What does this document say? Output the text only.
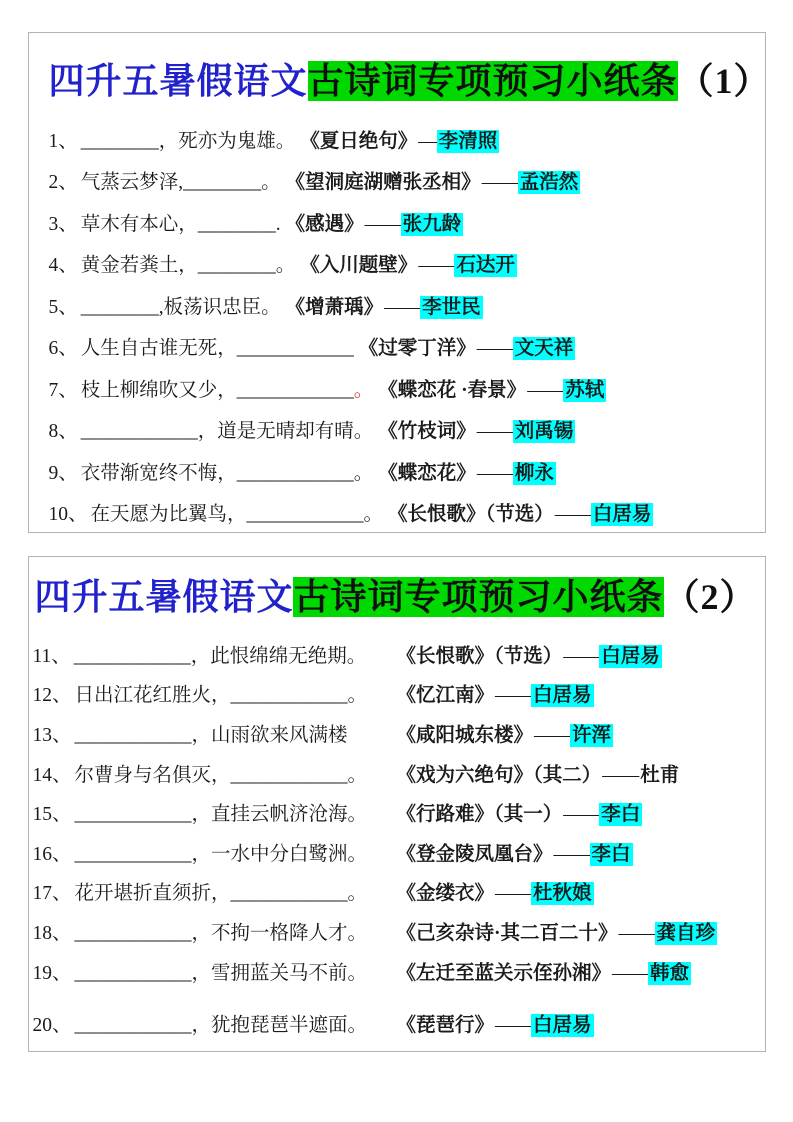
四升五暑假语文古诗词专项预习小纸条（1）
1、 ________，死亦为鬼雄。 《夏日绝句》— 李清照
2、 气蒸云梦泽,________。 《望洞庭湖赠张丞相》—— 孟浩然
3、 草木有本心，________. 《感遇》—— 张九龄
4、 黄金若粪土，________。 《入川题壁》—— 石达开
5、 ________,板荡识忠臣。 《增萧瑀》—— 李世民
6、 人生自古谁无死，____________ 《过零丁洋》—— 文天祥
7、 枝上柳绵吹又少，____________。 《蝶恋花 ·春景》—— 苏轼
8、 ____________，道是无晴却有晴。 《竹枝词》—— 刘禹锡
9、 衣带渐宽终不悔，____________。 《蝶恋花》—— 柳永
10、 在天愿为比翼鸟，____________。 《长恨歌》（节选）—— 白居易
四升五暑假语文古诗词专项预习小纸条（2）
11、 ____________，此恨绵绵无绝期。	《长恨歌》（节选）—— 白居易
12、 日出江花红胜火，____________。	《忆江南》—— 白居易
13、 ____________，山雨欲来风满楼	《咸阳城东楼》—— 许浑
14、 尔曹身与名俱灭，____________。	《戏为六绝句》（其二）—— 杜甫
15、 ____________，直挂云帆济沧海。	《行路难》（其一）—— 李白
16、 ____________，一水中分白鹭洲。	《登金陵凤凰台》—— 李白
17、 花开堪折直须折，____________。	《金缕衣》—— 杜秋娘
18、 ____________，不拘一格降人才。	《己亥杂诗·其二百二十》—— 龚自珍
19、 ____________，雪拥蓝关马不前。	《左迁至蓝关示侄孙湘》—— 韩愈
20、 ____________，犹抱琵琶半遮面。	《琵琶行》—— 白居易
